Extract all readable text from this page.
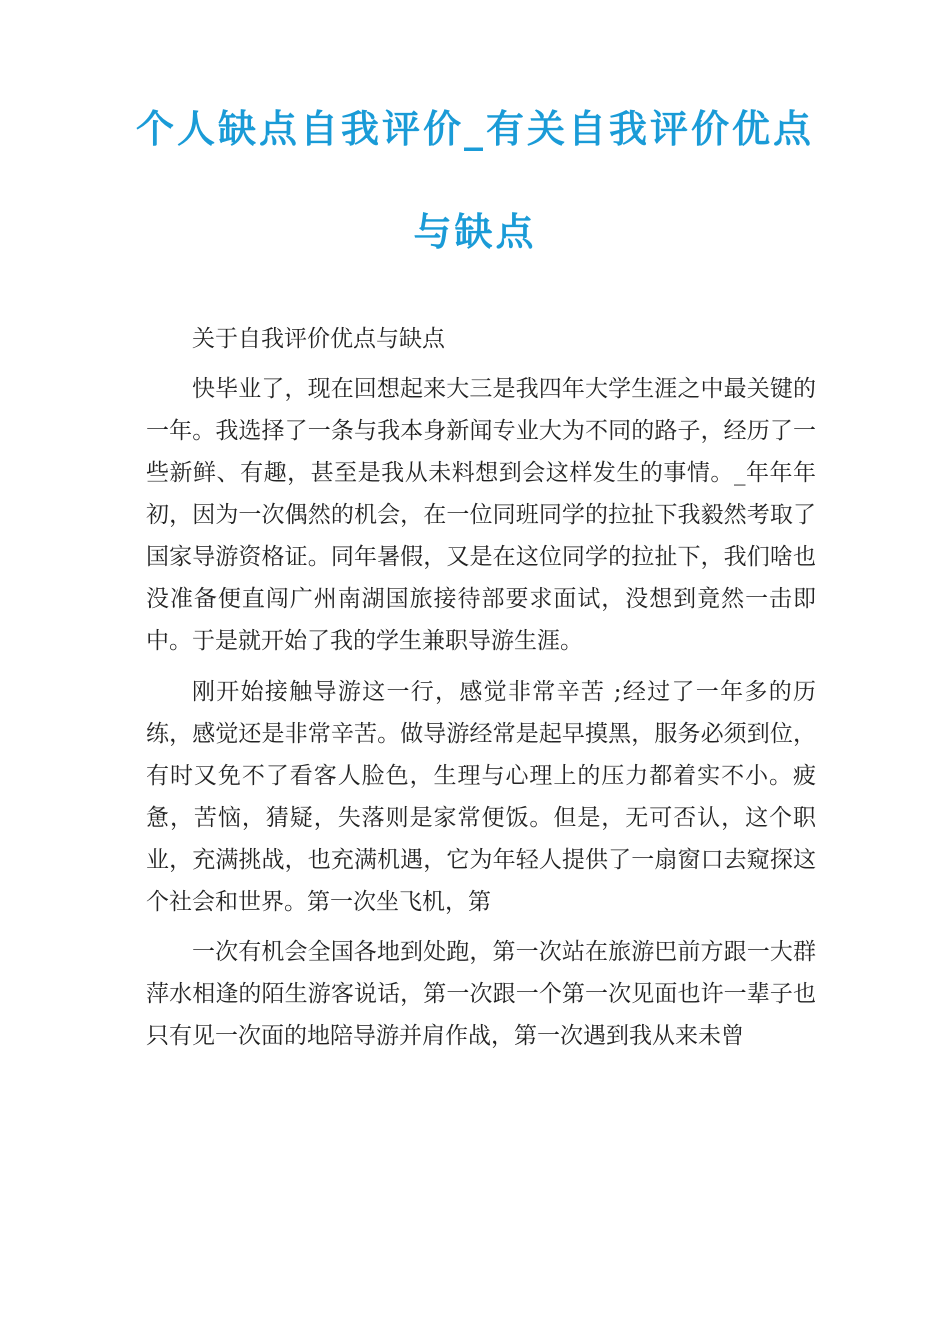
个人缺点自我评价_有关自我评价优点
与缺点

关于自我评价优点与缺点

快毕业了，现在回想起来大三是我四年大学生涯之中最关键的一年。我选择了一条与我本身新闻专业大为不同的路子，经历了一些新鲜、有趣，甚至是我从未料想到会这样发生的事情。_年年年初，因为一次偶然的机会，在一位同班同学的拉扯下我毅然考取了国家导游资格证。同年暑假，又是在这位同学的拉扯下，我们啥也没准备便直闯广州南湖国旅接待部要求面试，没想到竟然一击即中。于是就开始了我的学生兼职导游生涯。

刚开始接触导游这一行，感觉非常辛苦 ;经过了一年多的历练，感觉还是非常辛苦。做导游经常是起早摸黑，服务必须到位，有时又免不了看客人脸色，生理与心理上的压力都着实不小。疲惫，苦恼，猜疑，失落则是家常便饭。但是，无可否认，这个职业，充满挑战，也充满机遇，它为年轻人提供了一扇窗口去窥探这个社会和世界。第一次坐飞机，第

一次有机会全国各地到处跑，第一次站在旅游巴前方跟一大群萍水相逢的陌生游客说话，第一次跟一个第一次见面也许一辈子也只有见一次面的地陪导游并肩作战，第一次遇到我从来未曾
